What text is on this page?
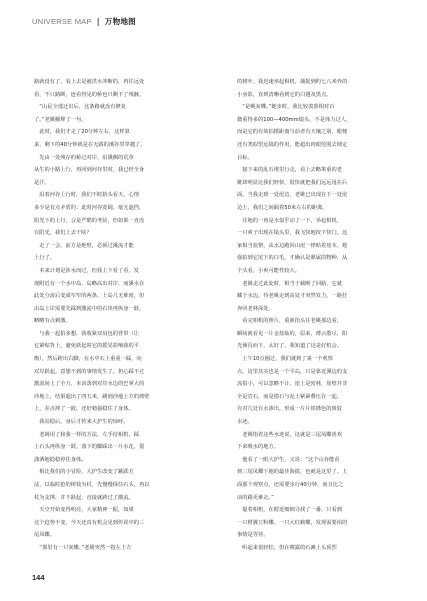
UNIVERSE MAP | 万物地图

路就没有了，看上去是被洪水冲断的，再往远处

看，不只路断，连看得见的桥也只剩下了残骸。

　“山民全部迁出后，这条路就没有修复

了。”老姚解释了一句。

　此时，我们才走了20分钟左右，这样算

来，剩下的40分钟就是在无路的溪谷里穿越了。

　先由一处残存的桥过对岸，沿溪侧的荒草

从生的小路上行，再回到河谷里时，我已经全身

是汗。

　沿着河谷上行时，我们不时抬头看天，心情

多少是有点矛盾的：此时河谷宽阔，毫无遮挡，

阳光下的上行，会是严酷的考验，但如果一直没

有阳光，我们上去干啥？

　走了一会，前方是绝壁，必须过溪流才能

上行了。

　本来计划是涉水而过，但我上下看了看，发

现附近有一个水中岛，岛略高出对岸，而溪水在

此处分流后变成窄窄的两条。上岛几无难度，但

由岛上岸需要先踩到激流中的石块再纵身一跃，

略略有点刺激。

　与我一起拍多想，我收紧双肩包的背带（让

它紧贴背上，避免跃起时它的摇晃影响我的平

衡），然后跨出右脚，在水中石上重重一踩，向

对岸跃起。意想不到的事情发生了，担心踩不过

激流间上了全力，本该落到对岸水边的巴掌大的

沙地上，结果超出了四五米，跳到沙地上方的坡壁

上，差点摔了一跤，还好勉强稳住了身体。

　我站稳后，身后才传来大护生的惊呼。

　老姚用了和我一样的方法，左手持相机，踩

上石头再纵身一跃。落下的脚踩出一片水花，很

潇洒地稳稳停住身体。

　相比我们的小冒险，大护生改变了跳跃方

法，以临时抢的树枝为杖，先慢慢探住石头，再以

杖为支撑，并不跃起，直接就跨过了激流。

　天空开始变得明亮，大家精神一振，如果

这个趋势不变，今天还真有机会见到传说中的三

尾凤蝶。

　“那里有一只灰蝶。”老姚突然一指左上方

的树叶。我迅速举起相机，捕捉到约七八米外的

小身影，直到清晰看到它的白翅及黑点。

　“是蚬灰蝶。”她步时，我比较羡慕相对百

微重得多的100—400mm镜头，不是体力过人，

而是它的有效拍摄距离与前者有天壤之别，眼便

还有类似望远镜的作用，能超出肉眼范围去锁定

目标。

　接下来的乱石堆里行走，看上去略笨重的老

姚却明显比我们轻快，很快就把我们远远甩在后

面。当我走到一处崖边，老姚已出现在下一处崖

边上，我们之间隔着50米左右的距离。

　注地的一角是水似乎动了一下，举起相机，

一只爽子出现在镜头里，我飞快地按下快门。这

家相当狡猾，从水边跑回山崖一律贴着崖木，勉

强拍到它尾下的白毛，才确认是鼎属的物种，从

个头看，小爽可能性较大。

　老姚走过此处时，相当于截断了回路，它就

藏于水边，待老姚走到高处才突然发力，一路狂

奔回老林深处。

　看完相机的照片，重新抬头往老姚那边看，

瞬间就看见一片金盐灿的，原来，薄云散尽，阳

光倾泻而下。太好了，我知道了这是好机会。

　上午10点刚过，我们就到了第一个观察

点，这里其实也是一个平岛，只是靠近溪边的支

流很小，可以忽略不计。崖上是密林，崖壁并非

全是岩石，而是错石与泥土紧紧叠压在一起，

有对几处有水渗出。形成一片片铁锈色的斑驳

水迹。

　老姚指着这些水迹说，这就是三尾凤蝶喜欢

下来吸水的地方。

　他看了一眼大护生，又说：“这个山谷能看

到三尾凤蝶下地的最佳海拔，也就是这里了。上

面那个观察点，还需要步行40分钟，而且比之

前的路更难走。”

　提着相机，在附近细细寻找了一番，只看到

一只橙翼豆粉蝶、一只大红蛱蝶，发现需要拍的

事情是等待。

　听起来很轻松，但在裸露的石滩上头顶烈

144
